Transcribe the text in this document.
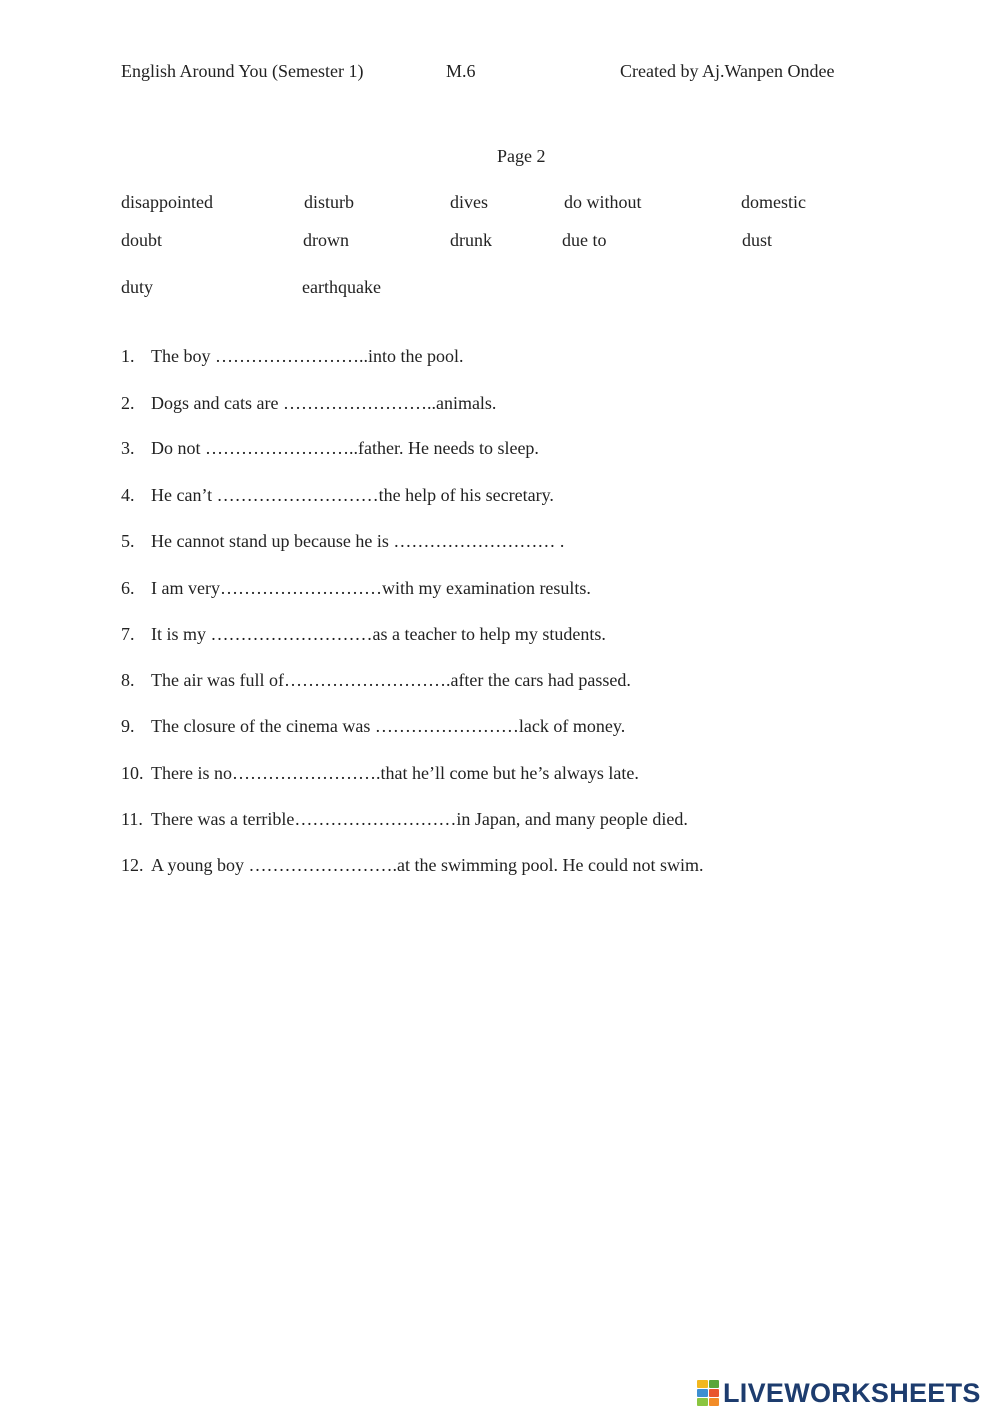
English Around You (Semester 1)	M.6	Created by Aj.Wanpen Ondee
Page 2
disappointed	disturb	dives	do without	domestic
doubt	drown	drunk	due to	dust
duty	earthquake
1. The boy ……………………..into the pool.
2. Dogs and cats are ……………………..animals.
3. Do not ……………………..father. He needs to sleep.
4. He can’t ………………………the help of his secretary.
5. He cannot stand up because he is ……………………… .
6. I am very………………………with my examination results.
7. It is my ………………………as a teacher to help my students.
8. The air was full of……………………….after the cars had passed.
9. The closure of the cinema was ……………………lack of money.
10. There is no…………………….that he’ll come but he’s always late.
11. There was a terrible………………………in Japan, and many people died.
12. A young boy …………………….at the swimming pool. He could not swim.
LIVEWORKSHEETS
